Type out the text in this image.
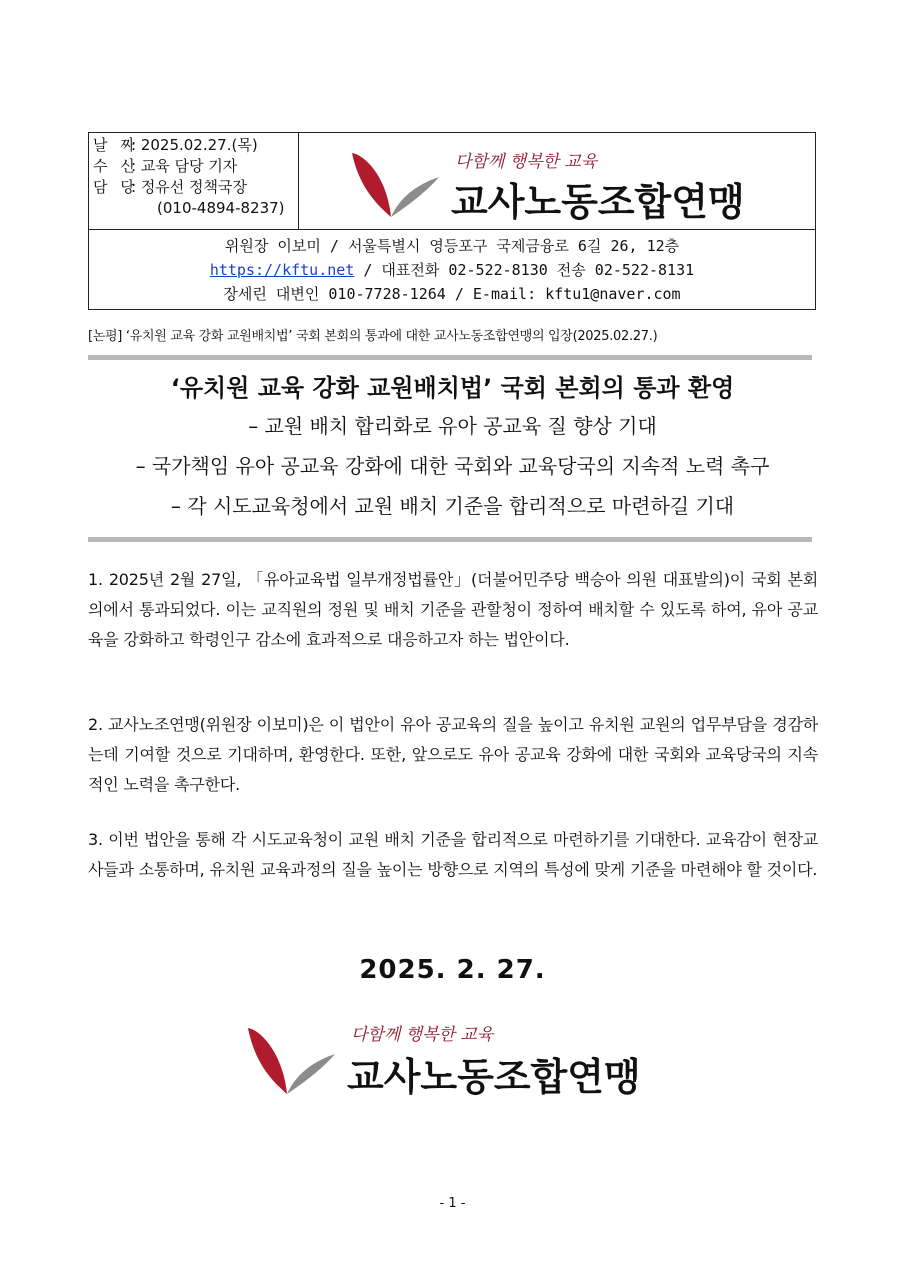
날 짜: 2025.02.27.(목)
수 신: 교육 담당 기자
담 당: 정유선 정책국장
(010-4894-8237)
다함께 행복한 교육
교사노동조합연맹
위원장 이보미 / 서울특별시 영등포구 국제금융로 6길 26, 12층
https://kftu.net / 대표전화 02-522-8130 전송 02-522-8131
장세린 대변인 010-7728-1264 / E-mail: kftu1@naver.com
[논평] ‘유치원 교육 강화 교원배치법’ 국회 본회의 통과에 대한 교사노동조합연맹의 입장(2025.02.27.)
‘유치원 교육 강화 교원배치법’ 국회 본회의 통과 환영
– 교원 배치 합리화로 유아 공교육 질 향상 기대
– 국가책임 유아 공교육 강화에 대한 국회와 교육당국의 지속적 노력 촉구
– 각 시도교육청에서 교원 배치 기준을 합리적으로 마련하길 기대
1. 2025년 2월 27일, 「유아교육법 일부개정법률안」(더불어민주당 백승아 의원 대표발의)이 국회 본회의에서 통과되었다. 이는 교직원의 정원 및 배치 기준을 관할청이 정하여 배치할 수 있도록 하여, 유아 공교육을 강화하고 학령인구 감소에 효과적으로 대응하고자 하는 법안이다.
2. 교사노조연맹(위원장 이보미)은 이 법안이 유아 공교육의 질을 높이고 유치원 교원의 업무부담을 경감하는데 기여할 것으로 기대하며, 환영한다. 또한, 앞으로도 유아 공교육 강화에 대한 국회와 교육당국의 지속적인 노력을 촉구한다.
3. 이번 법안을 통해 각 시도교육청이 교원 배치 기준을 합리적으로 마련하기를 기대한다. 교육감이 현장교사들과 소통하며, 유치원 교육과정의 질을 높이는 방향으로 지역의 특성에 맞게 기준을 마련해야 할 것이다.
2025. 2. 27.
다함께 행복한 교육
교사노동조합연맹
- 1 -
